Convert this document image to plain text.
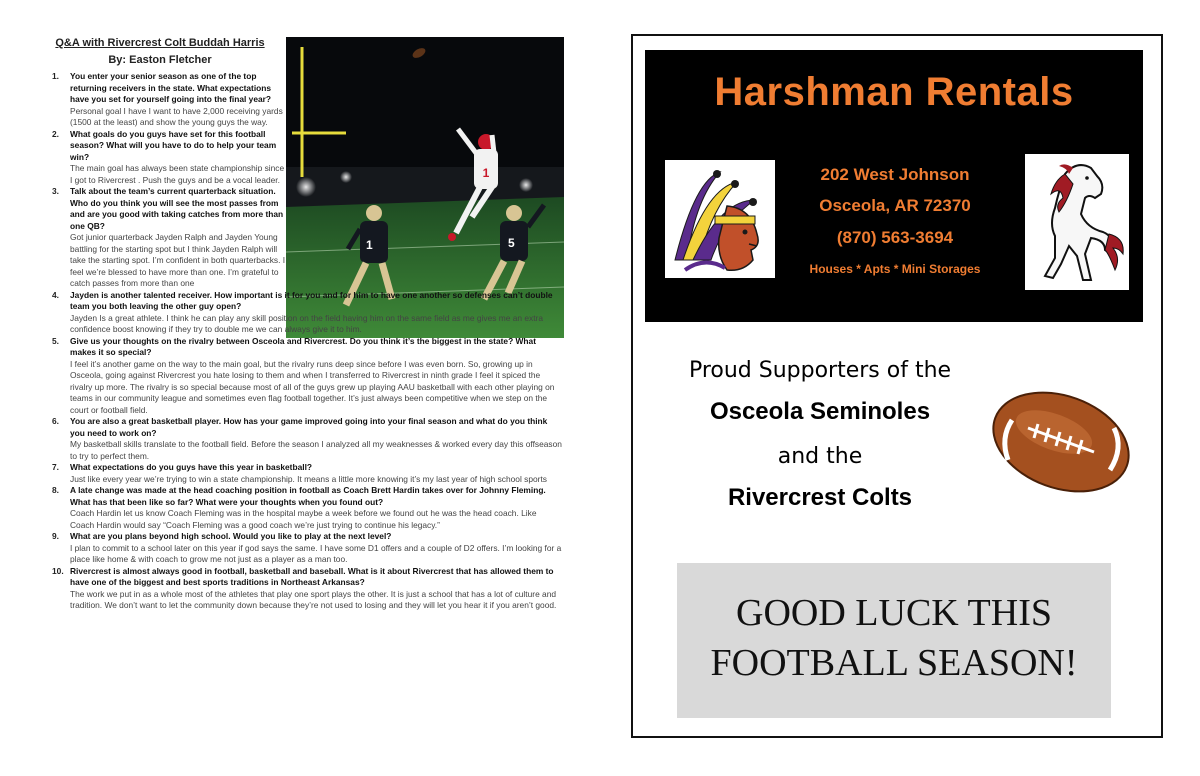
Q&A with Rivercrest Colt Buddah Harris
By: Easton Fletcher
1
1	5
1. You enter your senior season as one of the top returning receivers in the state. What expectations have you set for yourself going into the final year?
Personal goal I have I want to have 2,000 receiving yards (1500 at the least) and show the young guys the way.
2. What goals do you guys have set for this football season? What will you have to do to help your team win?
The main goal has always been state championship since I got to Rivercrest . Push the guys and be a vocal leader.
3. Talk about the team’s current quarterback situation. Who do you think you will see the most passes from and are you good with taking catches from more than one QB?
Got junior quarterback Jayden Ralph and Jayden Young battling for the starting spot but I think Jayden Ralph will take the starting spot. I’m confident in both quarterbacks. I feel we’re blessed to have more than one. I’m grateful to catch passes from more than one
4. Jayden is another talented receiver. How important is it for you and for him to have one another so defenses can’t double team you both leaving the other guy open?
Jayden Is a great athlete. I think he can play any skill position on the field having him on the same field as me gives me an extra confidence boost knowing if they try to double me we can always give it to him.
5. Give us your thoughts on the rivalry between Osceola and Rivercrest. Do you think it’s the biggest in the state? What makes it so special?
I feel it’s another game on the way to the main goal, but the rivalry runs deep since before I was even born. So, growing up in Osceola, going against Rivercrest you hate losing to them and when I transferred to Rivercrest in ninth grade I feel it spiced the rivalry up more. The rivalry is so special because most of all of the guys grew up playing AAU basketball with each other playing on teams in our community league and sometimes even flag football together. It’s just always been competitive when we step on the court or football field.
6. You are also a great basketball player. How has your game improved going into your final season and what do you think you need to work on?
My basketball skills translate to the football field. Before the season I analyzed all my weaknesses & worked every day this offseason to try to perfect them.
7. What expectations do you guys have this year in basketball?
Just like every year we’re trying to win a state championship. It means a little more knowing it’s my last year of high school sports
8. A late change was made at the head coaching position in football as Coach Brett Hardin takes over for Johnny Fleming. What has that been like so far? What were your thoughts when you found out?
Coach Hardin let us know Coach Fleming was in the hospital maybe a week before we found out he was the head coach. Like Coach Hardin would say “Coach Fleming was a good coach we’re just trying to continue his legacy.”
9. What are you plans beyond high school. Would you like to play at the next level?
I plan to commit to a school later on this year if god says the same. I have some D1 offers and a couple of D2 offers. I’m looking for a place like home & with coach to grow me not just as a player as a man too.
10. Rivercrest is almost always good in football, basketball and baseball. What is it about Rivercrest that has allowed them to have one of the biggest and best sports traditions in Northeast Arkansas?
The work we put in as a whole most of the athletes that play one sport plays the other. It is just a school that has a lot of culture and tradition. We don’t want to let the community down because they’re not used to losing and they will let you hear it if you aren’t good.
Harshman Rentals
202 West Johnson
Osceola, AR 72370
(870) 563-3694
Houses * Apts * Mini Storages
Proud Supporters of the
Osceola Seminoles
and the
Rivercrest Colts
GOOD LUCK THIS
FOOTBALL SEASON!
